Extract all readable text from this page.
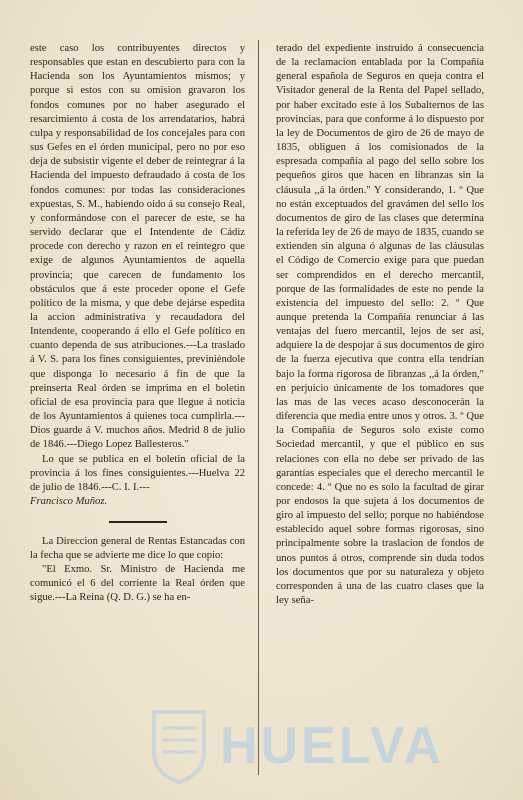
este caso los contribuyentes directos y responsables que estan en descubierto para con la Hacienda son los Ayuntamientos mismos; y porque si estos con su omision gravaron los fondos comunes por no haber asegurado el resarcimiento á costa de los arrendatarios, habrá culpa y responsabilidad de los concejales para con sus Gefes en el órden municipal, pero no por eso deja de subsistir vigente el deber de reintegrar á la Hacienda del impuesto defraudado á costa de los fondos comunes: por todas las consideraciones expuestas, S. M., habiendo oido á su consejo Real, y conformándose con el parecer de este, se ha servido declarar que el Intendente de Cádiz procede con derecho y razon en el reintegro que exige de algunos Ayuntamientos de aquella provincia; que carecen de fundamento los obstáculos que á este proceder opone el Gefe político de la misma, y que debe dejárse espedita la accion administrativa y recaudadora del Intendente, cooperando á ello el Gefe político en cuanto dependa de sus atribuciones.---La traslado á V. S. para los fines consiguientes, previniéndole que disponga lo necesario á fin de que la preinserta Real órden se imprima en el boletin oficial de esa provincia para que llegue á noticia de los Ayuntamientos á quienes toca cumplirla.---Dios guarde á V. muchos años. Medrid 8 de julio de 1846.---Diego Lopez Ballesteros."

Lo que se publica en el boletin oficial de la provincia á los fines consiguientes.---Huelva 22 de julio de 1846.---C. I. I.---

Francisco Muñoz.

La Direccion general de Rentas Estancadas con la fecha que se advierte me dice lo que copio:

"El Exmo. Sr. Ministro de Hacienda me comunicó el 6 del corriente la Real órden que sigue.---La Reina (Q. D. G.) se ha en-

terado del expediente instruido á consecuencia de la reclamacion entablada por la Compañía general española de Seguros en queja contra el Visitador general de la Renta del Papel sellado, por haber excitado este á los Subalternos de las provincias, para que conforme á lo dispuesto por la ley de Documentos de giro de 26 de mayo de 1835, obliguen á los comisionados de la espresada compañía al pago del sello sobre los pequeños giros que hacen en libranzas sin la cláusula ,,á la órden." Y considerando, 1. º Que no están exceptuados del gravámen del sello los documentos de giro de las clases que determina la referida ley de 26 de mayo de 1835, cuando se extienden sin alguna ó algunas de las cláusulas el Código de Comercio exige para que puedan ser comprendidos en el derecho mercantil, porque de las formalidades de este no pende la existencia del impuesto del sello: 2. º Que aunque pretenda la Compañía renunciar á las ventajas del fuero mercantil, lejos de ser así, adquiere la de despojar á sus documentos de giro de la fuerza ejecutiva que contra ella tendrian bajo la forma rigorosa de libranzas ,,á la órden," en perjuicio únicamente de los tomadores que las mas de las veces acaso desconocerán la diferencia que media entre unos y otros. 3. º Que la Compañía de Seguros solo existe como Sociedad mercantil, y que el público en sus relaciones con ella no debe ser privado de las garantías especiales que el derecho mercantil le concede: 4. º Que no es solo la facultad de girar por endosos la que sujeta á los documentos de giro al impuesto del sello; porque no habiéndose establecido aquel sobre formas rigorosas, sino principalmente sobre la traslacion de fondos de unos puntos á otros, comprende sin duda todos los documentos que por su naturaleza y objeto corresponden á una de las cuatro clases que la ley seña-

HUELVA
